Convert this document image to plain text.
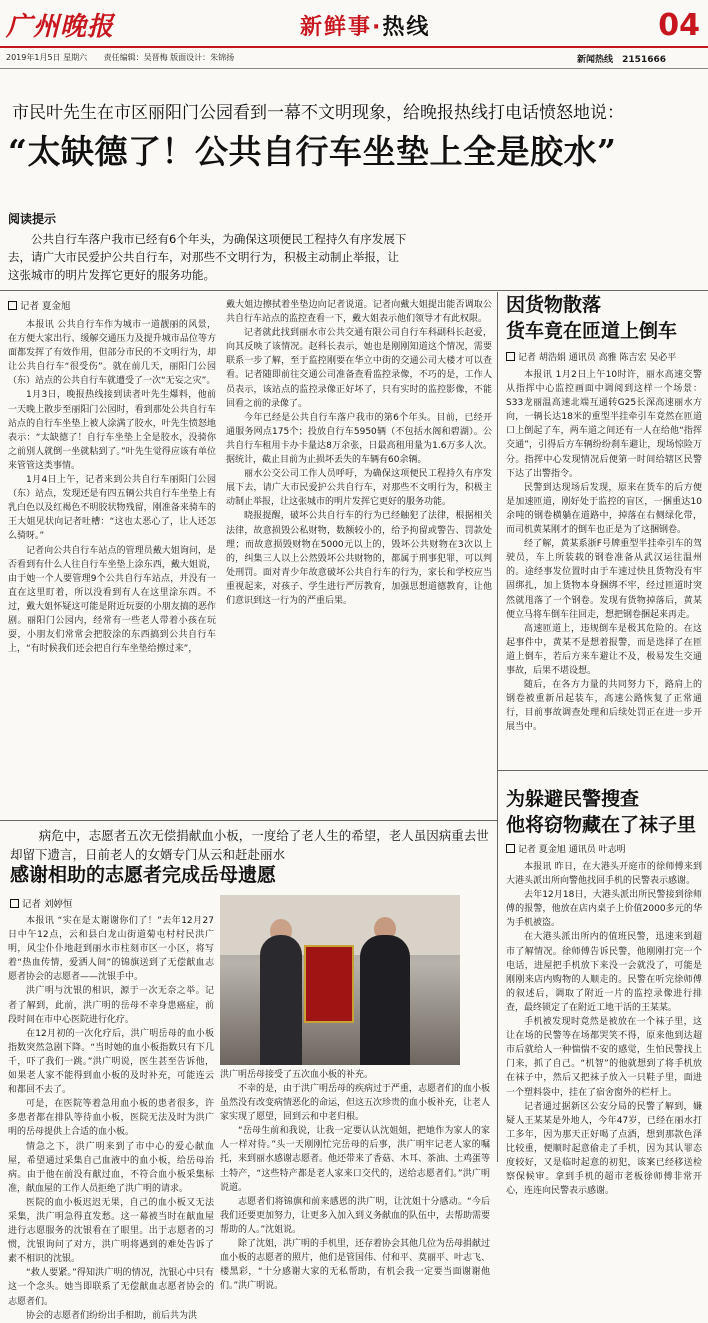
广州晚报	新鲜事·热线	04
2019年1月5日 星期六 责任编辑：吴晋梅 版面设计：朱锦扬	新闻热线 2151666
市民叶先生在市区丽阳门公园看到一幕不文明现象，给晚报热线打电话愤怒地说：
“太缺德了！公共自行车坐垫上全是胶水”
阅读提示
公共自行车落户我市已经有6个年头，为确保这项便民工程持久有序发展下去，请广大市民爱护公共自行车，对那些不文明行为，积极主动制止举报，让这张城市的明片发挥它更好的服务功能。
记者 夏金旭

本报讯 公共自行车作为城市一道靓丽的风景，在方便大家出行、缓解交通压力及提升城市品位等方面都发挥了有效作用，但部分市民的不文明行为，却让公共自行车“很受伤”。就在前几天，丽阳门公园（东）站点的公共自行车就遭受了一次“无妄之灾”。

1月3日，晚报热线接到读者叶先生爆料，他前一天晚上散步至丽阳门公园时，看到那处公共自行车站点的自行车坐垫上被人涂满了胶水，叶先生愤怒地表示：“太缺德了！自行车坐垫上全是胶水，没骑你之前别人就倒一坐就粘到了。”叶先生觉得应该有单位来管管这类事情。

1月4日上午，记者来到公共自行车丽阳门公园（东）站点，发现还是有四五辆公共自行车坐垫上有乳白色以及红褐色不明胶状物残留，刚准备来骑车的王大姐见状向记者吐槽：“这也太恶心了，让人还怎么骑呀。”

记者向公共自行车站点的管理员戴大姐询问，是否看到有什么人往自行车坐垫上涂东西，戴大姐说，由于她一个人要管理9个公共自行车站点，并没有一直在这里盯着，所以没看到有人在这里涂东西。不过，戴大姐怀疑这可能是附近玩耍的小朋友搞的恶作剧。丽阳门公园内，经常有一些老人带着小孩在玩耍，小朋友们常常会把胶涂的东西搞到公共自行车上，“有时候我们还会把自行车坐垫给擦过来”，

戴大姐边擦拭着坐垫边向记者说道。记者向戴大姐提出能否调取公共自行车站点的监控查看一下，戴大姐表示他们领导才有此权限。

记者就此找到丽水市公共交通有限公司自行车科副科长赵爱，向其反映了该情况。赵科长表示，她也是刚刚知道这个情况，需要联系一步了解，至于监控刚要在华立中街的交通公司大楼才可以查看。记者随即前往交通公司准备查看监控录像，不巧的是，工作人员表示，该站点的监控录像正好坏了，只有实时的监控影像，不能回看之前的录像了。

今年已经是公共自行车落户我市的第6个年头。目前，已经开通服务网点175个；投放自行车5950辆（不包括水阁和碧湖）。公共自行车租用卡办卡量达8万余张，日最高租用量为1.6万多人次。据统计，截止目前为止损坏丢失的车辆有60余辆。

丽水公交公司工作人员呼吁，为确保这项便民工程持久有序发展下去，请广大市民爱护公共自行车，对那些不文明行为，积极主动制止举报，让这张城市的明片发挥它更好的服务功能。

晓报提醒，破坏公共自行车的行为已经触犯了法律，根据相关法律，故意损毁公私财物，数额较小的，给予拘留或警告、罚款处理；而故意损毁财物在5000元以上的，毁坏公共财物在3次以上的，纠集三人以上公然毁坏公共财物的，都属于刑事犯罪，可以判处刑罚。面对青少年故意破坏公共自行车的行为，家长和学校应当重视起来，对孩子、学生进行严厉教育，加强思想道德教育，让他们意识到这一行为的严重后果。

病危中，志愿者五次无偿捐献血小板，一度给了老人生的希望，老人虽因病重去世却留下遗言，日前老人的女婿专门从云和赶赴丽水
感谢相助的志愿者完成岳母遗愿
记者 刘婷恒

本报讯 “实在是太谢谢你们了！”去年12月27日中午12点，云和县白龙山街道菊屯村村民洪广明，风尘仆仆地赶到丽水市柱刻市区一小区，将写着“热血传情，爱洒人间”的锦旗送到了无偿献血志愿者协会的志愿者——沈银手中。

洪广明与沈银的相识，源于一次无奈之举。记者了解到，此前，洪广明的岳母不幸身患癌症，前段时间在市中心医院进行化疗。

在12月初的一次化疗后，洪广明岳母的血小板指数突然急剧下降。“当时她的血小板指数只有下几千，吓了我们一跳。”洪广明说，医生甚至告诉他，如果老人家不能得到血小板的及时补充，可能连云和都回不去了。

可是，在医院等着急用血小板的患者很多，许多患者都在排队等待血小板，医院无法及时为洪广明的岳母提供上合适的血小板。

情急之下，洪广明来到了市中心的爱心献血屋，希望通过采集自己血液中的血小板，给岳母治病。由于他在前没有献过血，不符合血小板采集标准，献血屋的工作人员拒绝了洪广明的请求。

医院的血小板迟迟无果，自己的血小板又无法采集，洪广明急得直发愁。这一幕被当时在献血屋进行志愿服务的沈银看在了眼里。出于志愿者的习惯，沈银询问了对方，洪广明将遇到的难处告诉了素不相识的沈银。

“救人要紧。”得知洪广明的情况，沈银心中只有这一个念头。她当即联系了无偿献血志愿者协会的志愿者们。

协会的志愿者们纷纷出手相助，前后共为洪

洪广明岳母接受了五次血小板的补充。

不幸的是，由于洪广明岳母的疾病过于严重，志愿者们的血小板虽然没有改变病情恶化的命运，但这五次珍贵的血小板补充，让老人家实现了愿望，回到云和中老归根。

“岳母生前和我说，让我一定要认认沈姐姐，把她作为家人的家人一样对待。”头一天刚刚忙完岳母的后事，洪广明牢记老人家的嘱托，来到丽水感谢志愿者。他还带来了香菇、木耳、茶油、土鸡蛋等土特产，“这些特产都是老人家来口交代的，送给志愿者们。”洪广明说道。

志愿者们将锦旗和前来感恩的洪广明，让沈姐十分感动。“今后我们还要更加努力，让更多入加入到义务献血的队伍中，去帮助需要帮助的人。”沈姐说。

除了沈姐，洪广明的手机里，还存着协会其他几位为岳母捐献过血小板的志愿者的照片，他们是管国伟、付和平、莫丽平、叶志飞、楼黑彩，“十分感谢大家的无私帮助，有机会我一定要当面谢谢他们。”洪广明说。

因货物散落
货车竟在匝道上倒车
记者 胡浩娟 通讯员 高雅 陈吉宏 吴必平

本报讯 1月2日上午10时许，丽水高速交警从指挥中心监控画面中调阅到这样一个场景：S33龙丽温高速北端互通转G25长深高速丽水方向，一辆长达18米的重型半挂牵引车竟然在匝道口上倒起了车，两车道之间还有一人在给他“指挥交通”，引得后方车辆纷纷刹车避让，现场惊险万分。指挥中心发现情况后便第一时间给辖区民警下达了出警指令。

民警到达现场后发现，原来在货车的后方便是加速匝道，刚好处于监控的盲区，一捆重达10余吨的钢卷横躺在道路中，掉落在右侧绿化带，而司机黄某刚才的倒车也正是为了这捆钢卷。

经了解，黄某系浙F号牌重型半挂牵引车的驾驶员，车上所装载的钢卷准备从武汉运往温州的。途经事发位置时由于车速过快且货物没有牢固绑扎，加上货物本身捆绑不牢，经过匝道时突然就甩落了一个钢卷。发现有货物掉落后，黄某便立马将车倒车往回走，想把钢卷捆起来再走。

高速匝道上，违规倒车是极其危险的。在这起事件中，黄某不是想着报警，而是选择了在匝道上倒车，若后方来车避让不及，极易发生交通事故，后果不堪设想。

随后，在各方力量的共同努力下，路肩上的钢卷被重新吊起装车，高速公路恢复了正常通行，目前事故调查处理和后续处罚正在进一步开展当中。

为躲避民警搜查
他将窃物藏在了袜子里
记者 夏金旭 通讯员 叶志明

本报讯 昨日，在大港头开庭市的徐师傅来到大港头派出所向警他找回手机的民警表示感谢。

去年12月18日，大港头派出所民警接到徐师傅的报警，他放在店内桌子上价值2000多元的华为手机被盗。

在大港头派出所内的值班民警，迅速来到超市了解情况。徐师傅告诉民警，他刚刚打完一个电话，进屋把手机放下来没一会就没了，可能是刚刚来店内购物的人顺走的。民警在听完徐师傅的叙述后，调取了附近一片的监控录像进行排查，最终锁定了在附近工地干活的王某某。

手机被发现时竟然是被放在一个袜子里，这让在场的民警等在场都哭笑不得，原来他到达超市后就给人一种惴惴不安的感觉，生怕民警找上门来，抓了自己。“机智”的他就想到了将手机放在袜子中，然后又把袜子放入一只鞋子里，面进一个塑料袋中，挂在了宿舍窗外的栏杆上。

记者通过据新区公安分局的民警了解到，嫌疑人王某某是外地人，今年47岁，已经在丽水打工多年，因为那天正好喝了点酒，想到那款色泽比较重，便顺时起意偷走了手机，因为其认罪态度较好，又是临时起意的初犯，该案已经移送检察保候审。拿到手机的超市老板徐师傅非常开心，连连向民警表示感谢。
